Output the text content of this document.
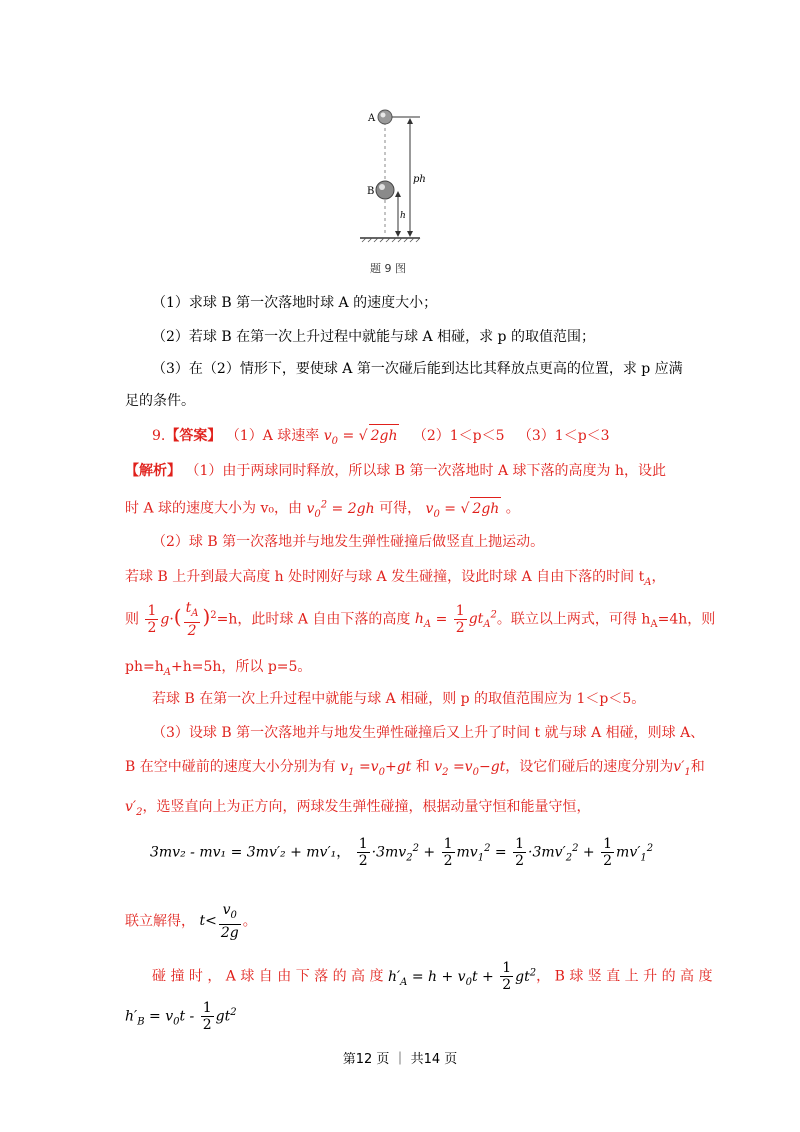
A
B
ph
h
题 9 图
（1）求球 B 第一次落地时球 A 的速度大小；
（2）若球 B 在第一次上升过程中就能与球 A 相碰，求 p 的取值范围；
（3）在（2）情形下，要使球 A 第一次碰后能到达比其释放点更高的位置，求 p 应满
足的条件。
9.【答案】 （1）A 球速率 $v_0$ = √ 2gh （2）1＜p＜5 （3）1＜p＜3
【解析】 （1）由于两球同时释放，所以球 B 第一次落地时 A 球下落的高度为 h，设此
时 A 球的速度大小为 v₀，由 $v_0^2 = 2gh$ 可得， $v_0$ = √ 2gh 。
（2）球 B 第一次落地并与地发生弹性碰撞后做竖直上抛运动。
若球 B 上升到最大高度 h 处时刚好与球 A 发生碰撞，设此时球 A 自由下落的时间 $t_A$，
则 $\frac{1}{2} g\cdot( \frac{t_A}{2} )^2=h$，此时球 A 自由下落的高度 $h_A = \frac{1}{2} gt_A^2$。联立以上两式，可得 $h_A=4h$，则
$ph=h_A+h=5h$，所以 p=5。
若球 B 在第一次上升过程中就能与球 A 相碰，则 p 的取值范围应为 1＜p＜5。
（3）设球 B 第一次落地并与地发生弹性碰撞后又上升了时间 t 就与球 A 相碰，则球 A、
B 在空中碰前的速度大小分别为有 $v_1 =v_0+gt$ 和 $v_2 =v_0-gt$，设它们碰后的速度分别为$v'_1$和
$v'_2$，选竖直向上为正方向，两球发生弹性碰撞，根据动量守恒和能量守恒，
3mv₂ - mv₁ = 3mv′₂ + mv′₁， $\frac{1}{2} \cdot 3mv_2^2 + \frac{1}{2} mv_1^2 = \frac{1}{2} \cdot 3mv'_2^2 + \frac{1}{2} mv'_1^2$
联立解得， $t< \frac{v_0}{2g}$ 。
碰 撞 时 ， A 球 自 由 下 落 的 高 度 $h'_A = h + v_0t + \frac{1}{2} gt^2$， B 球 竖 直 上 升 的 高 度
$h'_B = v_0t - \frac{1}{2} gt^2$
第12 页 ｜ 共14 页
